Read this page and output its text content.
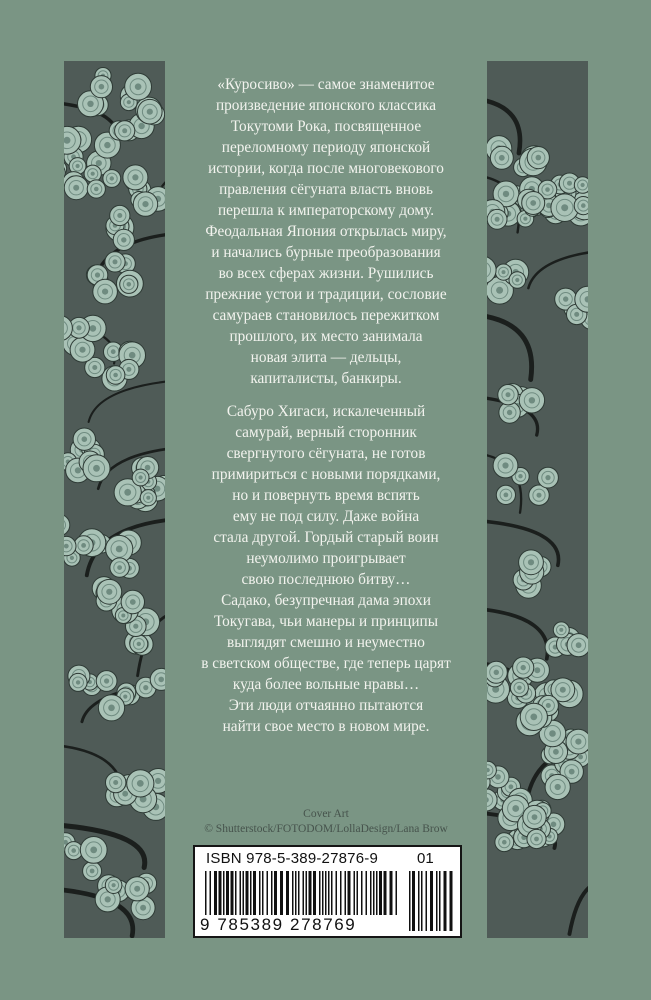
«Куросиво» — самое знаменитое
произведение японского классика
Токутоми Рока, посвященное
переломному периоду японской
истории, когда после многовекового
правления сёгуната власть вновь
перешла к императорскому дому.
Феодальная Япония открылась миру,
и начались бурные преобразования
во всех сферах жизни. Рушились
прежние устои и традиции, сословие
самураев становилось пережитком
прошлого, их место занимала
новая элита — дельцы,
капиталисты, банкиры.

Сабуро Хигаси, искалеченный
самурай, верный сторонник
свергнутого сёгуната, не готов
примириться с новыми порядками,
но и повернуть время вспять
ему не под силу. Даже война
стала другой. Гордый старый воин
неумолимо проигрывает
свою последнюю битву…
Садако, безупречная дама эпохи
Токугава, чьи манеры и принципы
выглядят смешно и неуместно
в светском обществе, где теперь царят
куда более вольные нравы…
Эти люди отчаянно пытаются
найти свое место в новом мире.

Cover Art
© Shutterstock/FOTODOM/LollaDesign/Lana Brow
ISBN 978-5-389-27876-9	01
9 785389 278769
